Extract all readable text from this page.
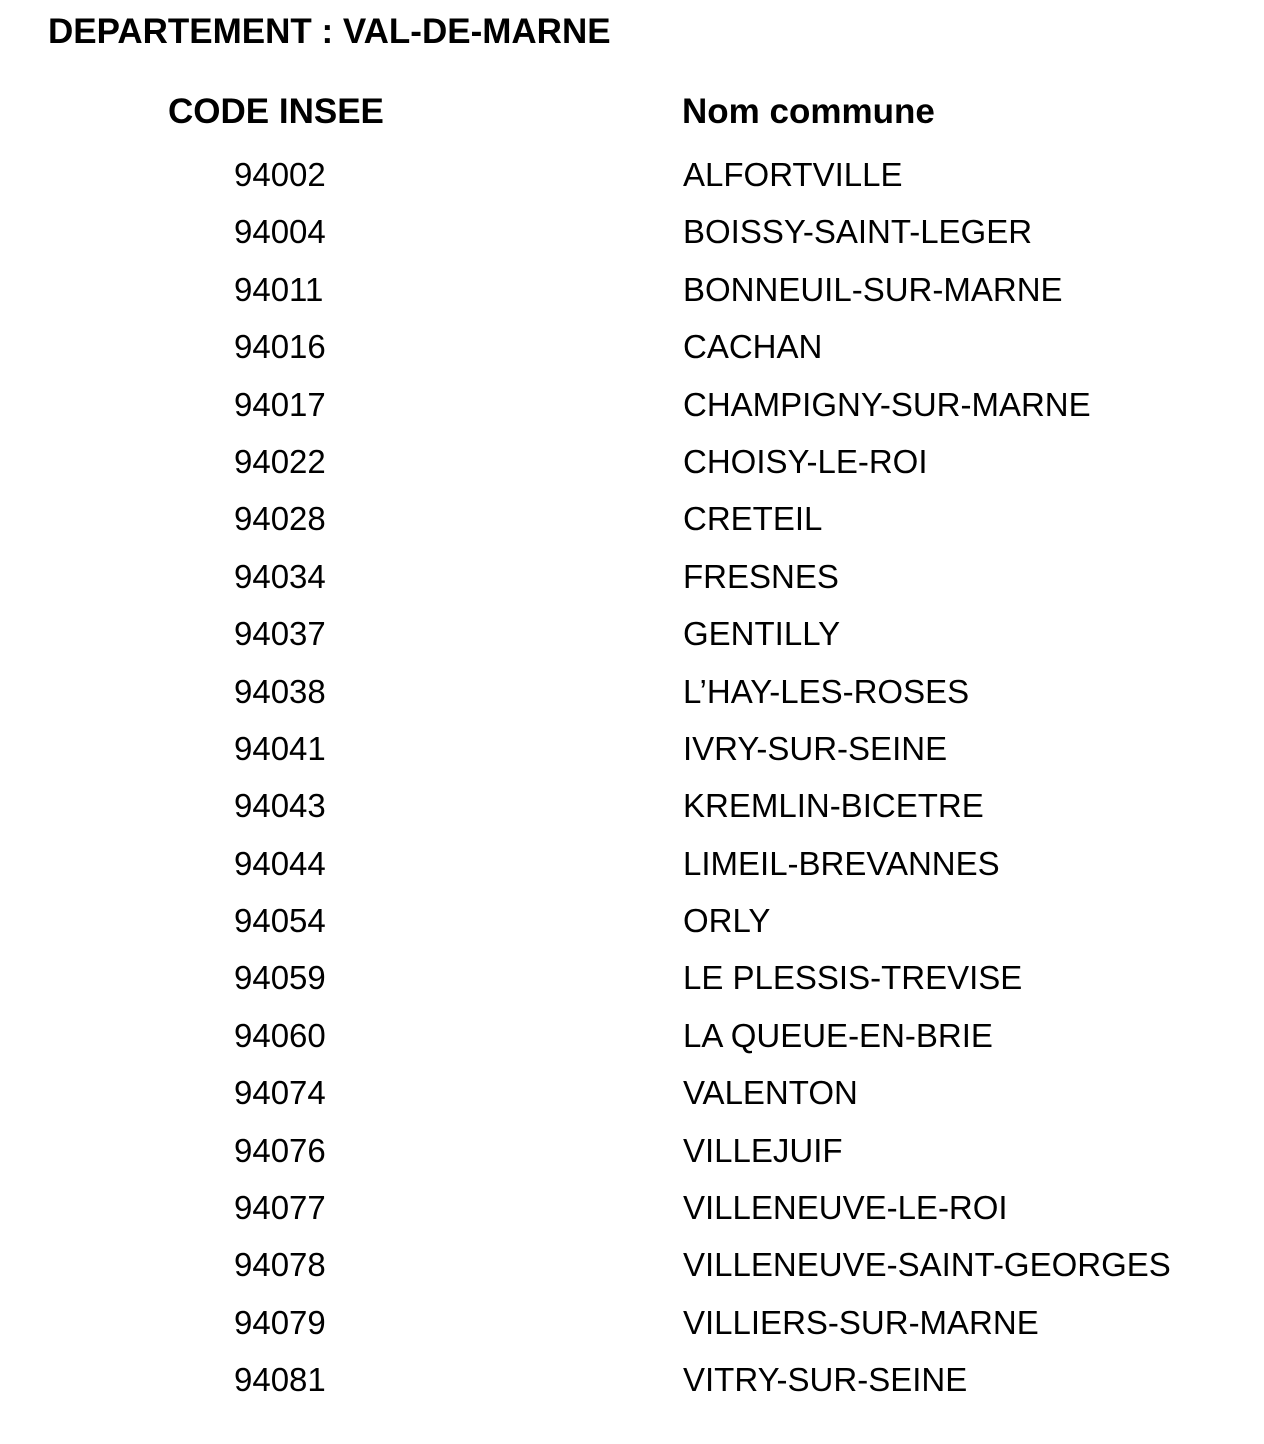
DEPARTEMENT : VAL-DE-MARNE
CODE INSEE	Nom commune
94002	ALFORTVILLE
94004	BOISSY-SAINT-LEGER
94011	BONNEUIL-SUR-MARNE
94016	CACHAN
94017	CHAMPIGNY-SUR-MARNE
94022	CHOISY-LE-ROI
94028	CRETEIL
94034	FRESNES
94037	GENTILLY
94038	L’HAY-LES-ROSES
94041	IVRY-SUR-SEINE
94043	KREMLIN-BICETRE
94044	LIMEIL-BREVANNES
94054	ORLY
94059	LE PLESSIS-TREVISE
94060	LA QUEUE-EN-BRIE
94074	VALENTON
94076	VILLEJUIF
94077	VILLENEUVE-LE-ROI
94078	VILLENEUVE-SAINT-GEORGES
94079	VILLIERS-SUR-MARNE
94081	VITRY-SUR-SEINE
